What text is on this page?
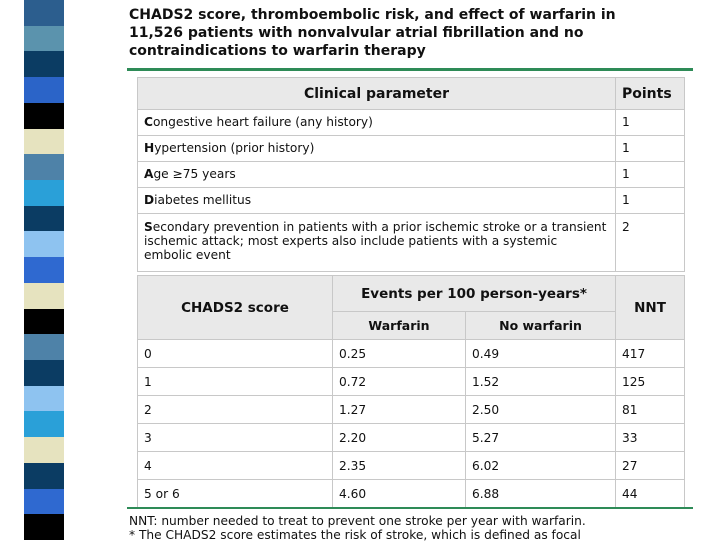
CHADS2 score, thromboembolic risk, and effect of warfarin in
11,526 patients with nonvalvular atrial fibrillation and no
contraindications to warfarin therapy
Clinical parameter	Points
Congestive heart failure (any history)	1
Hypertension (prior history)	1
Age ≥75 years	1
Diabetes mellitus	1
Secondary prevention in patients with a prior ischemic stroke or a transient ischemic attack; most experts also include patients with a systemic embolic event	2
CHADS2 score	Events per 100 person-years*		NNT
	Warfarin	No warfarin	
0	0.25	0.49	417
1	0.72	1.52	125
2	1.27	2.50	81
3	2.20	5.27	33
4	2.35	6.02	27
5 or 6	4.60	6.88	44
NNT: number needed to treat to prevent one stroke per year with warfarin.
* The CHADS2 score estimates the risk of stroke, which is defined as focal
